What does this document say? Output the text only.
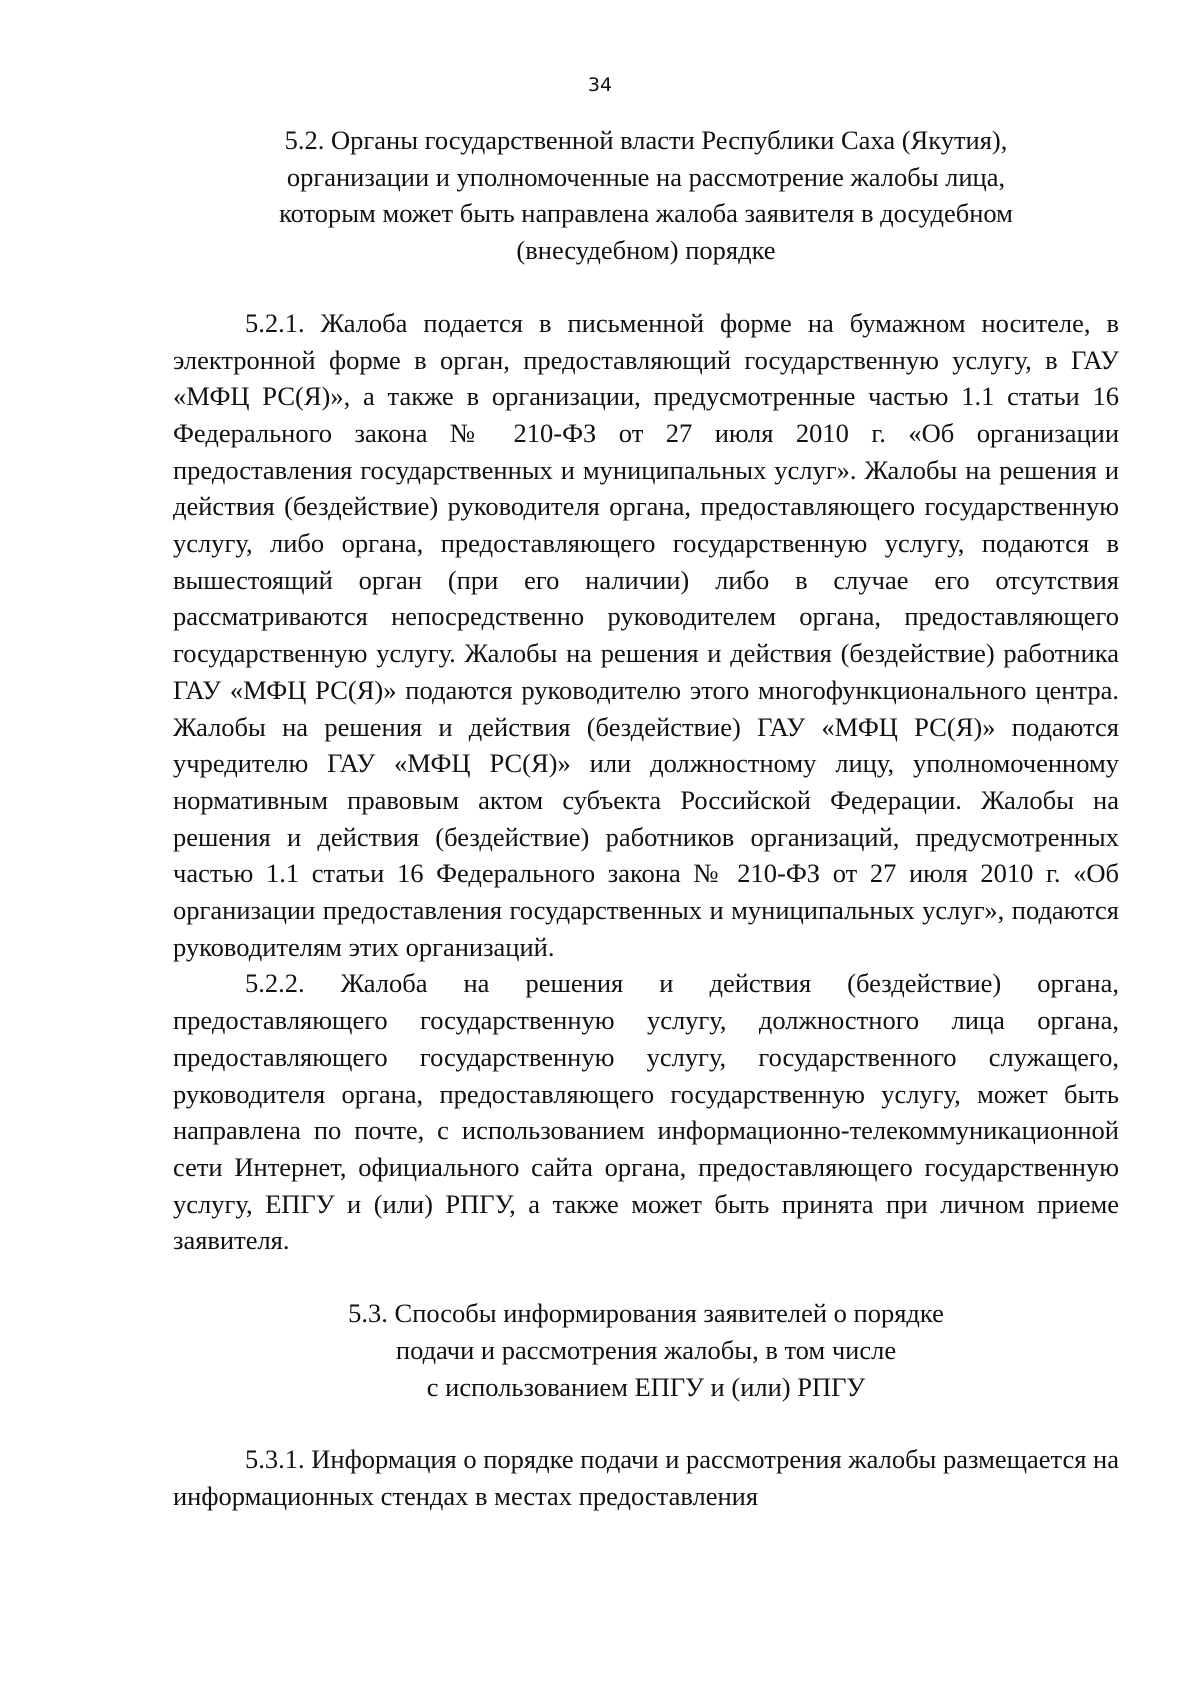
34
5.2. Органы государственной власти Республики Саха (Якутия),
организации и уполномоченные на рассмотрение жалобы лица,
которым может быть направлена жалоба заявителя в досудебном
(внесудебном) порядке

5.2.1. Жалоба подается в письменной форме на бумажном носителе, в электронной форме в орган, предоставляющий государственную услугу, в ГАУ «МФЦ РС(Я)», а также в организации, предусмотренные частью 1.1 статьи 16 Федерального закона № 210-ФЗ от 27 июля 2010 г. «Об организации предоставления государственных и муниципальных услуг». Жалобы на решения и действия (бездействие) руководителя органа, предоставляющего государственную услугу, либо органа, предоставляющего государственную услугу, подаются в вышестоящий орган (при его наличии) либо в случае его отсутствия рассматриваются непосредственно руководителем органа, предоставляющего государственную услугу. Жалобы на решения и действия (бездействие) работника ГАУ «МФЦ РС(Я)» подаются руководителю этого многофункционального центра. Жалобы на решения и действия (бездействие) ГАУ «МФЦ РС(Я)» подаются учредителю ГАУ «МФЦ РС(Я)» или должностному лицу, уполномоченному нормативным правовым актом субъекта Российской Федерации. Жалобы на решения и действия (бездействие) работников организаций, предусмотренных частью 1.1 статьи 16 Федерального закона № 210-ФЗ от 27 июля 2010 г. «Об организации предоставления государственных и муниципальных услуг», подаются руководителям этих организаций.

5.2.2. Жалоба на решения и действия (бездействие) органа, предоставляющего государственную услугу, должностного лица органа, предоставляющего государственную услугу, государственного служащего, руководителя органа, предоставляющего государственную услугу, может быть направлена по почте, с использованием информационно-телекоммуникационной сети Интернет, официального сайта органа, предоставляющего государственную услугу, ЕПГУ и (или) РПГУ, а также может быть принята при личном приеме заявителя.

5.3. Способы информирования заявителей о порядке
подачи и рассмотрения жалобы, в том числе
с использованием ЕПГУ и (или) РПГУ

5.3.1. Информация о порядке подачи и рассмотрения жалобы размещается на информационных стендах в местах предоставления
